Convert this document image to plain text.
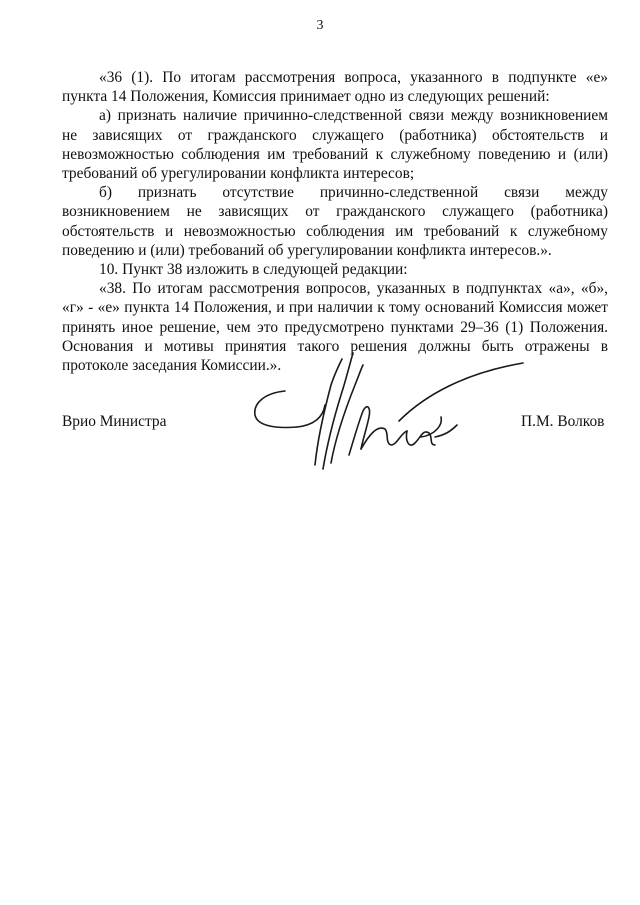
3

«36 (1). По итогам рассмотрения вопроса, указанного в подпункте «е» пункта 14 Положения, Комиссия принимает одно из следующих решений:

а) признать наличие причинно-следственной связи между возникновением не зависящих от гражданского служащего (работника) обстоятельств и невозможностью соблюдения им требований к служебному поведению и (или) требований об урегулировании конфликта интересов;

б) признать отсутствие причинно-следственной связи между возникновением не зависящих от гражданского служащего (работника) обстоятельств и невозможностью соблюдения им требований к служебному поведению и (или) требований об урегулировании конфликта интересов.».

10. Пункт 38 изложить в следующей редакции:

«38. По итогам рассмотрения вопросов, указанных в подпунктах «а», «б», «г» - «е» пункта 14 Положения, и при наличии к тому оснований Комиссия может принять иное решение, чем это предусмотрено пунктами 29–36 (1) Положения. Основания и мотивы принятия такого решения должны быть отражены в протоколе заседания Комиссии.».

Врио Министра	П.М. Волков
